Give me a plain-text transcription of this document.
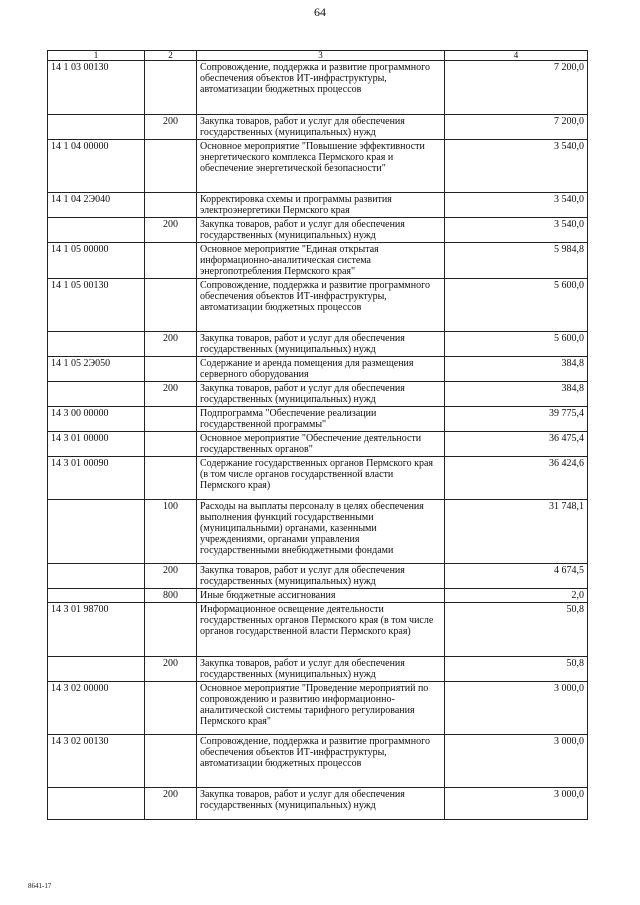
64
1	2	3	4
14 1 03 00130		Сопровождение, поддержка и развитие программного обеспечения объектов ИТ-инфраструктуры, автоматизации бюджетных процессов	7 200,0
	200	Закупка товаров, работ и услуг для обеспечения государственных (муниципальных) нужд	7 200,0
14 1 04 00000		Основное мероприятие "Повышение эффективности энергетического комплекса Пермского края и обеспечение энергетической безопасности"	3 540,0
14 1 04 2Э040		Корректировка схемы и программы развития электроэнергетики Пермского края	3 540,0
	200	Закупка товаров, работ и услуг для обеспечения государственных (муниципальных) нужд	3 540,0
14 1 05 00000		Основное мероприятие "Единая открытая информационно-аналитическая система энергопотребления Пермского края"	5 984,8
14 1 05 00130		Сопровождение, поддержка и развитие программного обеспечения объектов ИТ-инфраструктуры, автоматизации бюджетных процессов	5 600,0
	200	Закупка товаров, работ и услуг для обеспечения государственных (муниципальных) нужд	5 600,0
14 1 05 2Э050		Содержание и аренда помещения для размещения серверного оборудования	384,8
	200	Закупка товаров, работ и услуг для обеспечения государственных (муниципальных) нужд	384,8
14 3 00 00000		Подпрограмма "Обеспечение реализации государственной программы"	39 775,4
14 3 01 00000		Основное мероприятие "Обеспечение деятельности государственных органов"	36 475,4
14 3 01 00090		Содержание государственных органов Пермского края (в том числе органов государственной власти Пермского края)	36 424,6
	100	Расходы на выплаты персоналу в целях обеспечения выполнения функций государственными (муниципальными) органами, казенными учреждениями, органами управления государственными внебюджетными фондами	31 748,1
	200	Закупка товаров, работ и услуг для обеспечения государственных (муниципальных) нужд	4 674,5
	800	Иные бюджетные ассигнования	2,0
14 3 01 98700		Информационное освещение деятельности государственных органов Пермского края (в том числе органов государственной власти Пермского края)	50,8
	200	Закупка товаров, работ и услуг для обеспечения государственных (муниципальных) нужд	50,8
14 3 02 00000		Основное мероприятие "Проведение мероприятий по сопровождению и развитию информационно-аналитической системы тарифного регулирования Пермского края"	3 000,0
14 3 02 00130		Сопровождение, поддержка и развитие программного обеспечения объектов ИТ-инфраструктуры, автоматизации бюджетных процессов	3 000,0
	200	Закупка товаров, работ и услуг для обеспечения государственных (муниципальных) нужд	3 000,0
8641-17
